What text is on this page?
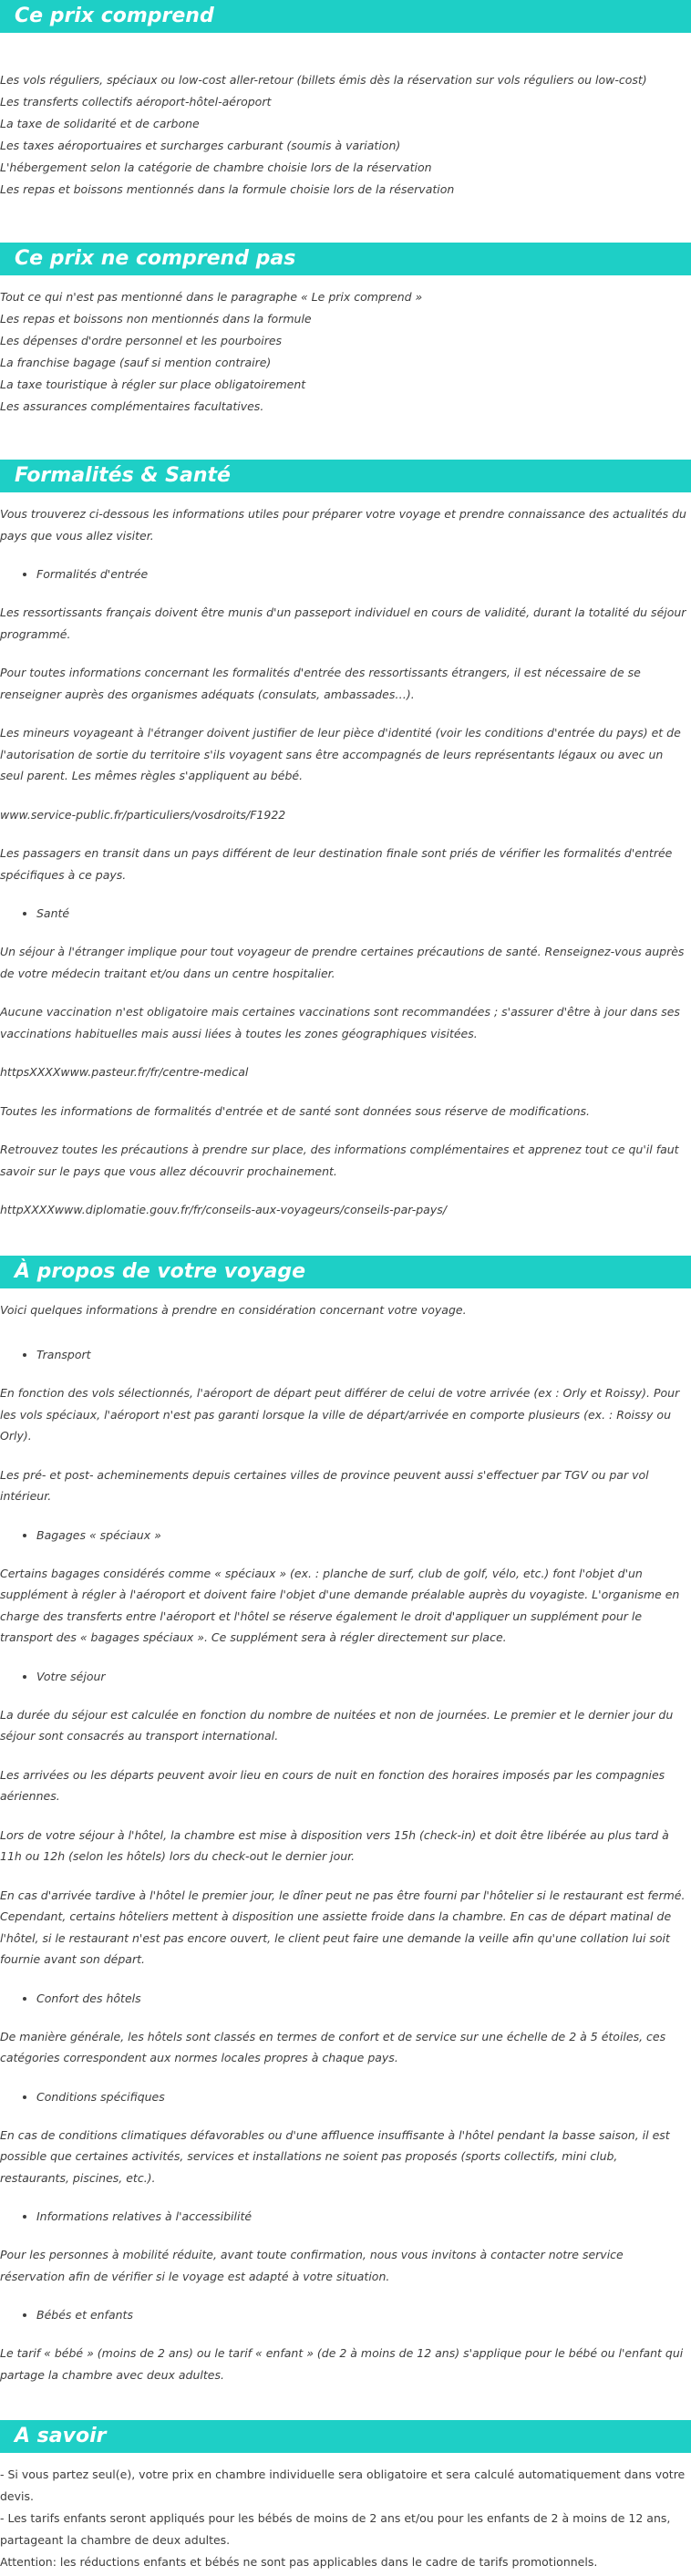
Ce prix comprend

Les vols réguliers, spéciaux ou low-cost aller-retour (billets émis dès la réservation sur vols réguliers ou low-cost)

Les transferts collectifs aéroport-hôtel-aéroport

La taxe de solidarité et de carbone

Les taxes aéroportuaires et surcharges carburant (soumis à variation)

L'hébergement selon la catégorie de chambre choisie lors de la réservation

Les repas et boissons mentionnés dans la formule choisie lors de la réservation

Ce prix ne comprend pas

Tout ce qui n'est pas mentionné dans le paragraphe « Le prix comprend »

Les repas et boissons non mentionnés dans la formule

Les dépenses d'ordre personnel et les pourboires

La franchise bagage (sauf si mention contraire)

La taxe touristique à régler sur place obligatoirement

Les assurances complémentaires facultatives.

Formalités & Santé

Vous trouverez ci-dessous les informations utiles pour préparer votre voyage et prendre connaissance des actualités du pays que vous allez visiter.

• Formalités d'entrée

Les ressortissants français doivent être munis d'un passeport individuel en cours de validité, durant la totalité du séjour programmé.

Pour toutes informations concernant les formalités d'entrée des ressortissants étrangers, il est nécessaire de se renseigner auprès des organismes adéquats (consulats, ambassades…).

Les mineurs voyageant à l'étranger doivent justifier de leur pièce d'identité (voir les conditions d'entrée du pays) et de l'autorisation de sortie du territoire s'ils voyagent sans être accompagnés de leurs représentants légaux ou avec un seul parent. Les mêmes règles s'appliquent au bébé.

www.service-public.fr/particuliers/vosdroits/F1922

Les passagers en transit dans un pays différent de leur destination finale sont priés de vérifier les formalités d'entrée spécifiques à ce pays.

• Santé

Un séjour à l'étranger implique pour tout voyageur de prendre certaines précautions de santé. Renseignez-vous auprès de votre médecin traitant et/ou dans un centre hospitalier.

Aucune vaccination n'est obligatoire mais certaines vaccinations sont recommandées ; s'assurer d'être à jour dans ses vaccinations habituelles mais aussi liées à toutes les zones géographiques visitées.

httpsXXXXwww.pasteur.fr/fr/centre-medical

Toutes les informations de formalités d'entrée et de santé sont données sous réserve de modifications.

Retrouvez toutes les précautions à prendre sur place, des informations complémentaires et apprenez tout ce qu'il faut savoir sur le pays que vous allez découvrir prochainement.

httpXXXXwww.diplomatie.gouv.fr/fr/conseils-aux-voyageurs/conseils-par-pays/

À propos de votre voyage

Voici quelques informations à prendre en considération concernant votre voyage.

• Transport

En fonction des vols sélectionnés, l'aéroport de départ peut différer de celui de votre arrivée (ex : Orly et Roissy). Pour les vols spéciaux, l'aéroport n'est pas garanti lorsque la ville de départ/arrivée en comporte plusieurs (ex. : Roissy ou Orly).

Les pré- et post- acheminements depuis certaines villes de province peuvent aussi s'effectuer par TGV ou par vol intérieur.

• Bagages « spéciaux »

Certains bagages considérés comme « spéciaux » (ex. : planche de surf, club de golf, vélo, etc.) font l'objet d'un supplément à régler à l'aéroport et doivent faire l'objet d'une demande préalable auprès du voyagiste. L'organisme en charge des transferts entre l'aéroport et l'hôtel se réserve également le droit d'appliquer un supplément pour le transport des « bagages spéciaux ». Ce supplément sera à régler directement sur place.

• Votre séjour

La durée du séjour est calculée en fonction du nombre de nuitées et non de journées. Le premier et le dernier jour du séjour sont consacrés au transport international.

Les arrivées ou les départs peuvent avoir lieu en cours de nuit en fonction des horaires imposés par les compagnies aériennes.

Lors de votre séjour à l'hôtel, la chambre est mise à disposition vers 15h (check-in) et doit être libérée au plus tard à 11h ou 12h (selon les hôtels) lors du check-out le dernier jour.

En cas d'arrivée tardive à l'hôtel le premier jour, le dîner peut ne pas être fourni par l'hôtelier si le restaurant est fermé. Cependant, certains hôteliers mettent à disposition une assiette froide dans la chambre. En cas de départ matinal de l'hôtel, si le restaurant n'est pas encore ouvert, le client peut faire une demande la veille afin qu'une collation lui soit fournie avant son départ.

• Confort des hôtels

De manière générale, les hôtels sont classés en termes de confort et de service sur une échelle de 2 à 5 étoiles, ces catégories correspondent aux normes locales propres à chaque pays.

• Conditions spécifiques

En cas de conditions climatiques défavorables ou d'une affluence insuffisante à l'hôtel pendant la basse saison, il est possible que certaines activités, services et installations ne soient pas proposés (sports collectifs, mini club, restaurants, piscines, etc.).

• Informations relatives à l'accessibilité

Pour les personnes à mobilité réduite, avant toute confirmation, nous vous invitons à contacter notre service réservation afin de vérifier si le voyage est adapté à votre situation.

• Bébés et enfants

Le tarif « bébé » (moins de 2 ans) ou le tarif « enfant » (de 2 à moins de 12 ans) s'applique pour le bébé ou l'enfant qui partage la chambre avec deux adultes.

A savoir

- Si vous partez seul(e), votre prix en chambre individuelle sera obligatoire et sera calculé automatiquement dans votre devis.

- Les tarifs enfants seront appliqués pour les bébés de moins de 2 ans et/ou pour les enfants de 2 à moins de 12 ans, partageant la chambre de deux adultes.

Attention: les réductions enfants et bébés ne sont pas applicables dans le cadre de tarifs promotionnels.
